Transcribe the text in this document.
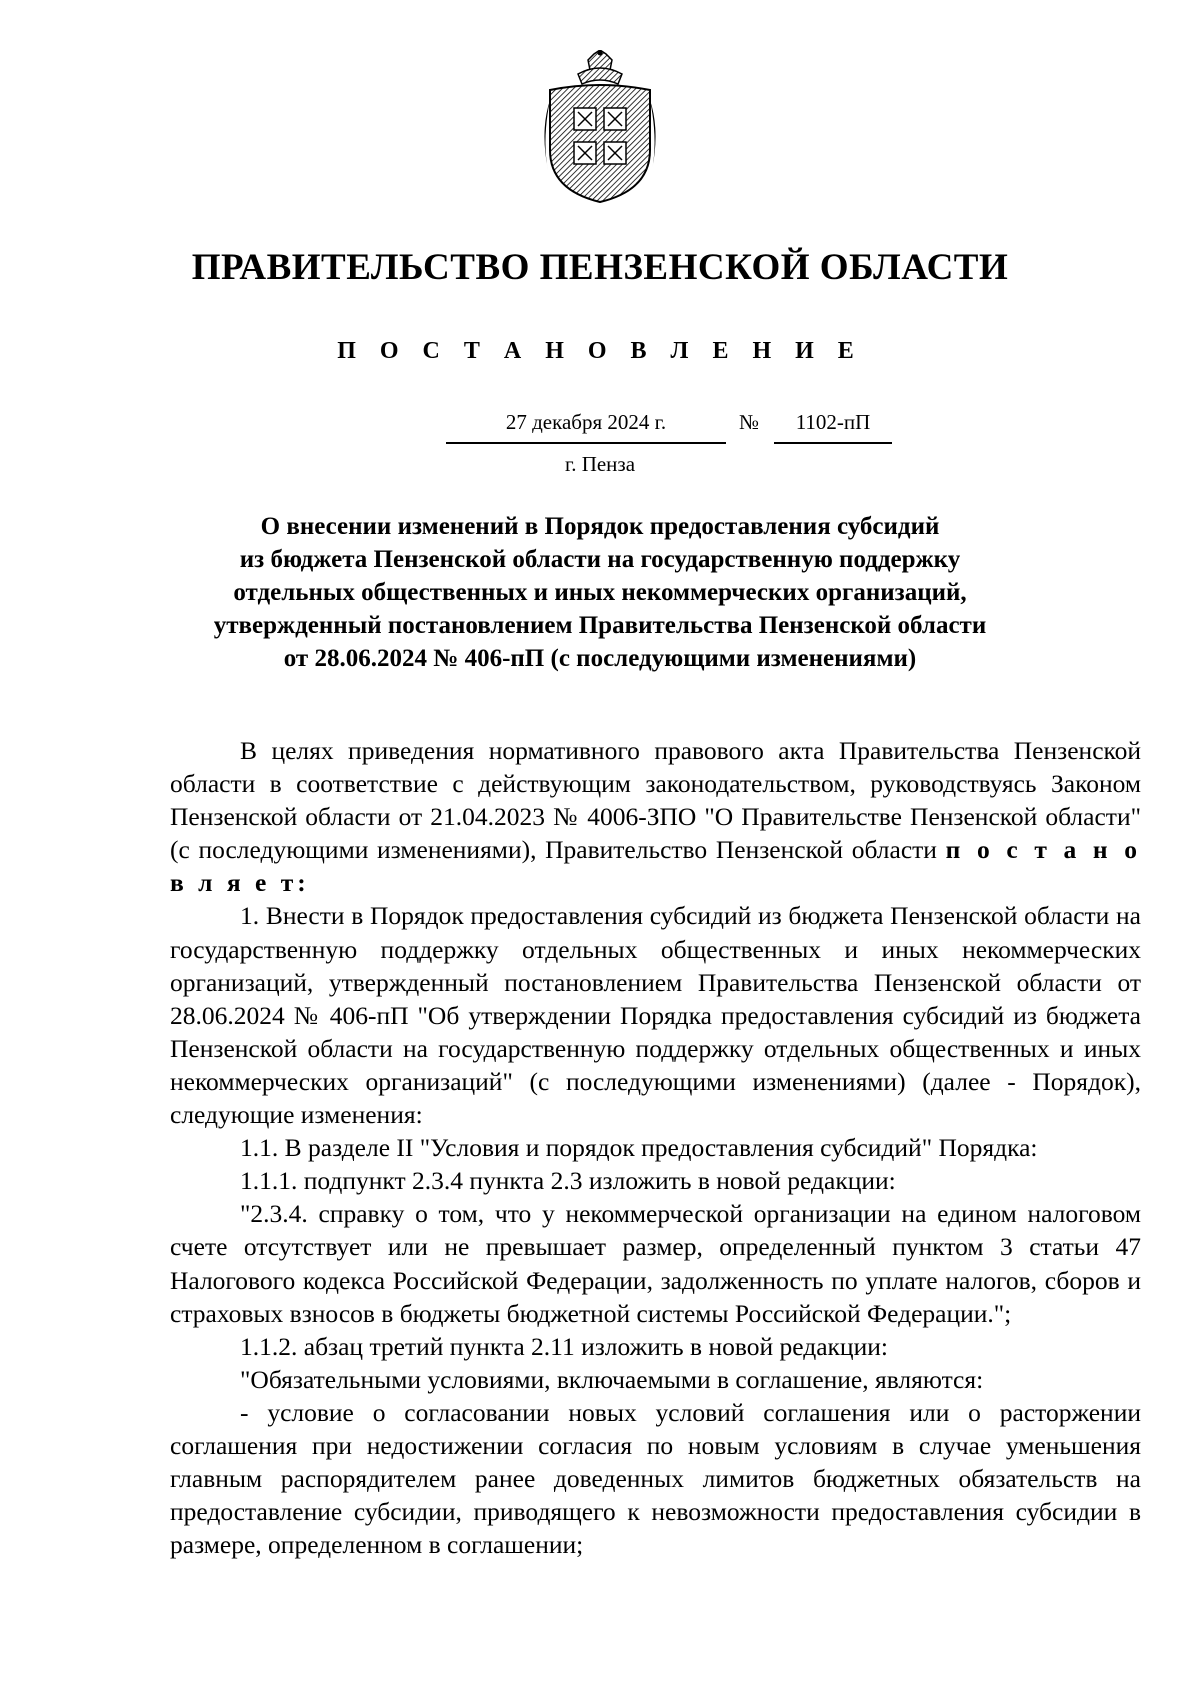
ПРАВИТЕЛЬСТВО ПЕНЗЕНСКОЙ ОБЛАСТИ
П О С Т А Н О В Л Е Н И Е
27 декабря 2024 г.	№	1102-пП
г. Пенза
О внесении изменений в Порядок предоставления субсидий
из бюджета Пензенской области на государственную поддержку
отдельных общественных и иных некоммерческих организаций,
утвержденный постановлением Правительства Пензенской области
от 28.06.2024 № 406-пП (с последующими изменениями)

В целях приведения нормативного правового акта Правительства Пензенской области в соответствие с действующим законодательством, руководствуясь Законом Пензенской области от 21.04.2023 № 4006-ЗПО "О Правительстве Пензенской области" (с последующими изменениями), Правительство Пензенской области п о с т а н о в л я е т:

1. Внести в Порядок предоставления субсидий из бюджета Пензенской области на государственную поддержку отдельных общественных и иных некоммерческих организаций, утвержденный постановлением Правительства Пензенской области от 28.06.2024 № 406-пП "Об утверждении Порядка предоставления субсидий из бюджета Пензенской области на государственную поддержку отдельных общественных и иных некоммерческих организаций" (с последующими изменениями) (далее - Порядок), следующие изменения:

1.1. В разделе II "Условия и порядок предоставления субсидий" Порядка:

1.1.1. подпункт 2.3.4 пункта 2.3 изложить в новой редакции:

"2.3.4. справку о том, что у некоммерческой организации на едином налоговом счете отсутствует или не превышает размер, определенный пунктом 3 статьи 47 Налогового кодекса Российской Федерации, задолженность по уплате налогов, сборов и страховых взносов в бюджеты бюджетной системы Российской Федерации.";

1.1.2. абзац третий пункта 2.11 изложить в новой редакции:

"Обязательными условиями, включаемыми в соглашение, являются:

- условие о согласовании новых условий соглашения или о расторжении соглашения при недостижении согласия по новым условиям в случае уменьшения главным распорядителем ранее доведенных лимитов бюджетных обязательств на предоставление субсидии, приводящего к невозможности предоставления субсидии в размере, определенном в соглашении;
